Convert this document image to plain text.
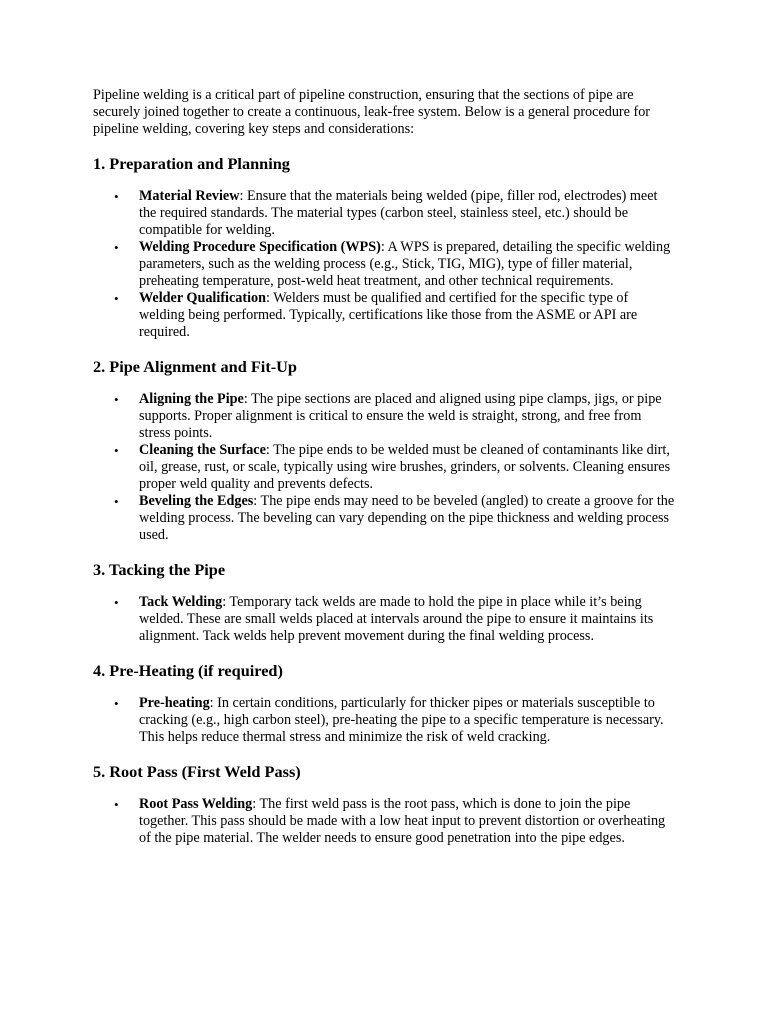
Pipeline welding is a critical part of pipeline construction, ensuring that the sections of pipe are securely joined together to create a continuous, leak-free system. Below is a general procedure for pipeline welding, covering key steps and considerations:

1. Preparation and Planning
• Material Review: Ensure that the materials being welded (pipe, filler rod, electrodes) meet the required standards. The material types (carbon steel, stainless steel, etc.) should be compatible for welding.
• Welding Procedure Specification (WPS): A WPS is prepared, detailing the specific welding parameters, such as the welding process (e.g., Stick, TIG, MIG), type of filler material, preheating temperature, post-weld heat treatment, and other technical requirements.
• Welder Qualification: Welders must be qualified and certified for the specific type of welding being performed. Typically, certifications like those from the ASME or API are required.
2. Pipe Alignment and Fit-Up
• Aligning the Pipe: The pipe sections are placed and aligned using pipe clamps, jigs, or pipe supports. Proper alignment is critical to ensure the weld is straight, strong, and free from stress points.
• Cleaning the Surface: The pipe ends to be welded must be cleaned of contaminants like dirt, oil, grease, rust, or scale, typically using wire brushes, grinders, or solvents. Cleaning ensures proper weld quality and prevents defects.
• Beveling the Edges: The pipe ends may need to be beveled (angled) to create a groove for the welding process. The beveling can vary depending on the pipe thickness and welding process used.
3. Tacking the Pipe
• Tack Welding: Temporary tack welds are made to hold the pipe in place while it’s being welded. These are small welds placed at intervals around the pipe to ensure it maintains its alignment. Tack welds help prevent movement during the final welding process.
4. Pre-Heating (if required)
• Pre-heating: In certain conditions, particularly for thicker pipes or materials susceptible to cracking (e.g., high carbon steel), pre-heating the pipe to a specific temperature is necessary. This helps reduce thermal stress and minimize the risk of weld cracking.
5. Root Pass (First Weld Pass)
• Root Pass Welding: The first weld pass is the root pass, which is done to join the pipe together. This pass should be made with a low heat input to prevent distortion or overheating of the pipe material. The welder needs to ensure good penetration into the pipe edges.
